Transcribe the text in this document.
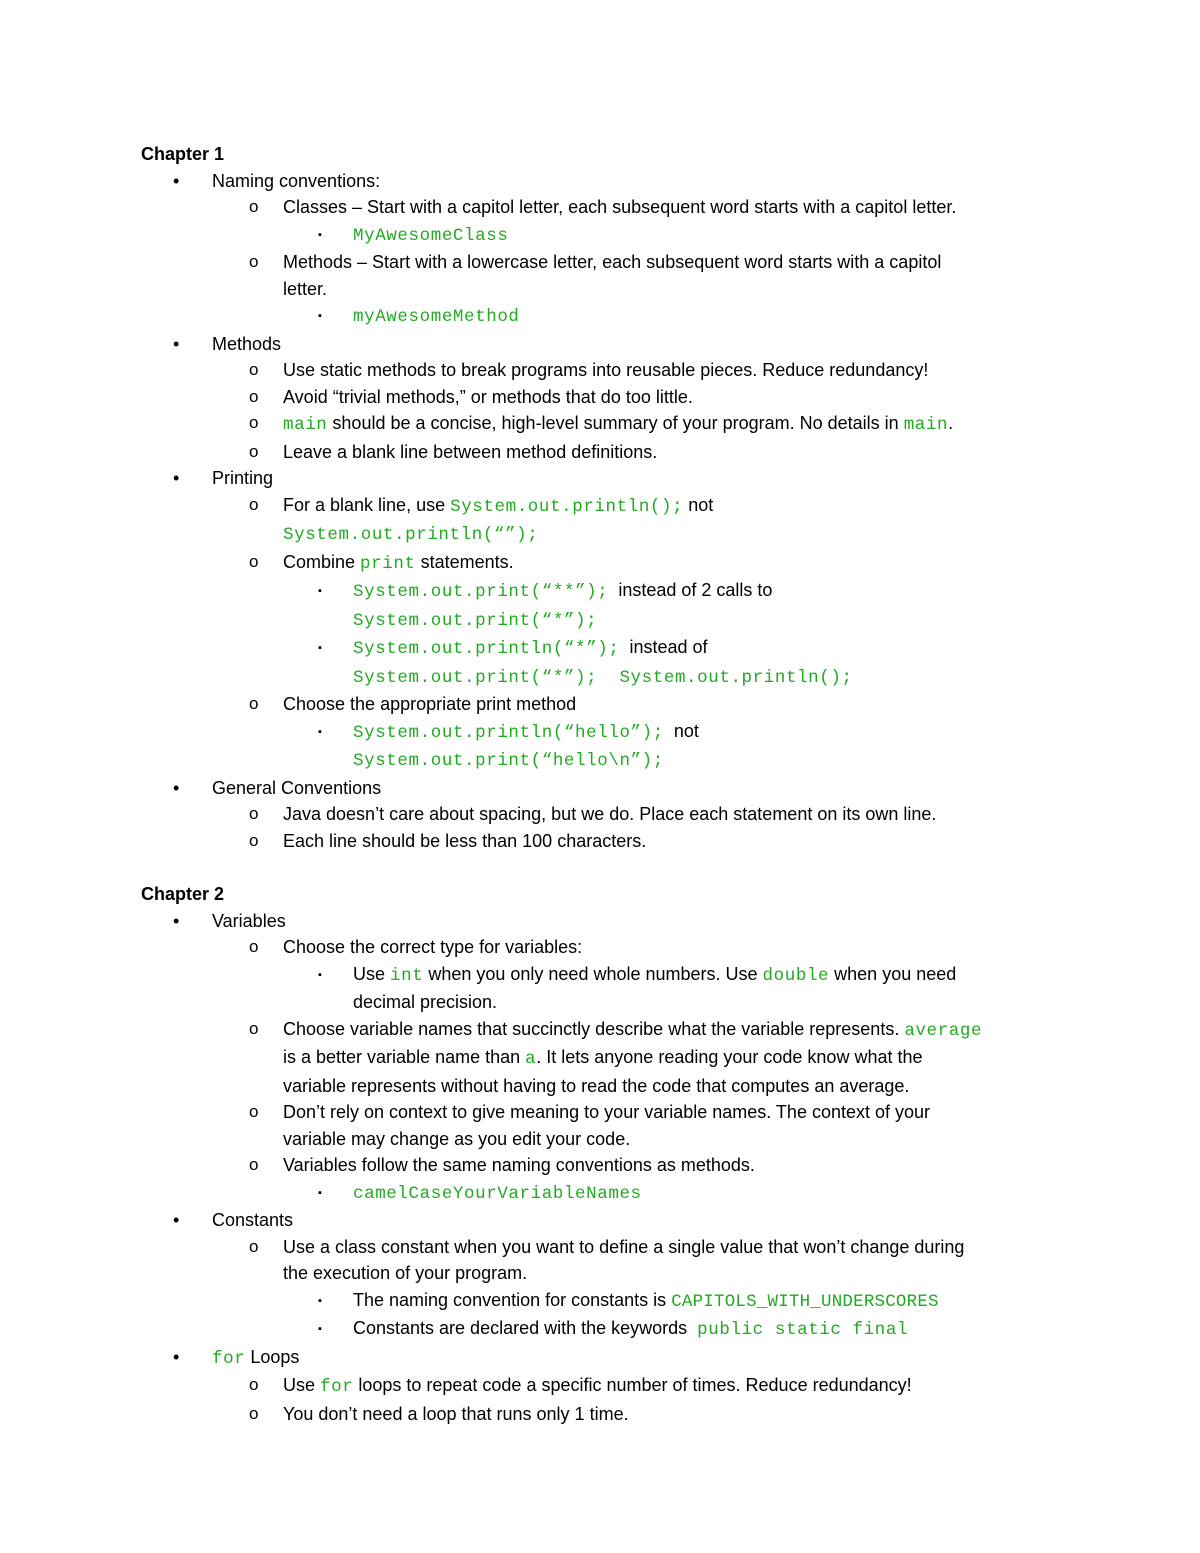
Chapter 1
• Naming conventions:
o Classes – Start with a capitol letter, each subsequent word starts with a capitol letter.
▪ MyAwesomeClass
o Methods – Start with a lowercase letter, each subsequent word starts with a capitol
letter.
▪ myAwesomeMethod
• Methods
o Use static methods to break programs into reusable pieces. Reduce redundancy!
o Avoid “trivial methods,” or methods that do too little.
o main should be a concise, high-level summary of your program. No details in main.
o Leave a blank line between method definitions.
• Printing
o For a blank line, use System.out.println(); not
System.out.println(“”);
o Combine print statements.
▪ System.out.print(“**”);  instead of 2 calls to
System.out.print(“*”);
▪ System.out.println(“*”);  instead of
System.out.print(“*”);  System.out.println();
o Choose the appropriate print method
▪ System.out.println(“hello”);  not
System.out.print(“hello\n”);
• General Conventions
o Java doesn’t care about spacing, but we do. Place each statement on its own line.
o Each line should be less than 100 characters.
Chapter 2
• Variables
o Choose the correct type for variables:
▪ Use int when you only need whole numbers. Use double when you need
decimal precision.
o Choose variable names that succinctly describe what the variable represents. average
is a better variable name than a. It lets anyone reading your code know what the
variable represents without having to read the code that computes an average.
o Don’t rely on context to give meaning to your variable names. The context of your
variable may change as you edit your code.
o Variables follow the same naming conventions as methods.
▪ camelCaseYourVariableNames
• Constants
o Use a class constant when you want to define a single value that won’t change during
the execution of your program.
▪ The naming convention for constants is CAPITOLS_WITH_UNDERSCORES
▪ Constants are declared with the keywords  public static final
• for Loops
o Use for loops to repeat code a specific number of times. Reduce redundancy!
o You don’t need a loop that runs only 1 time.
